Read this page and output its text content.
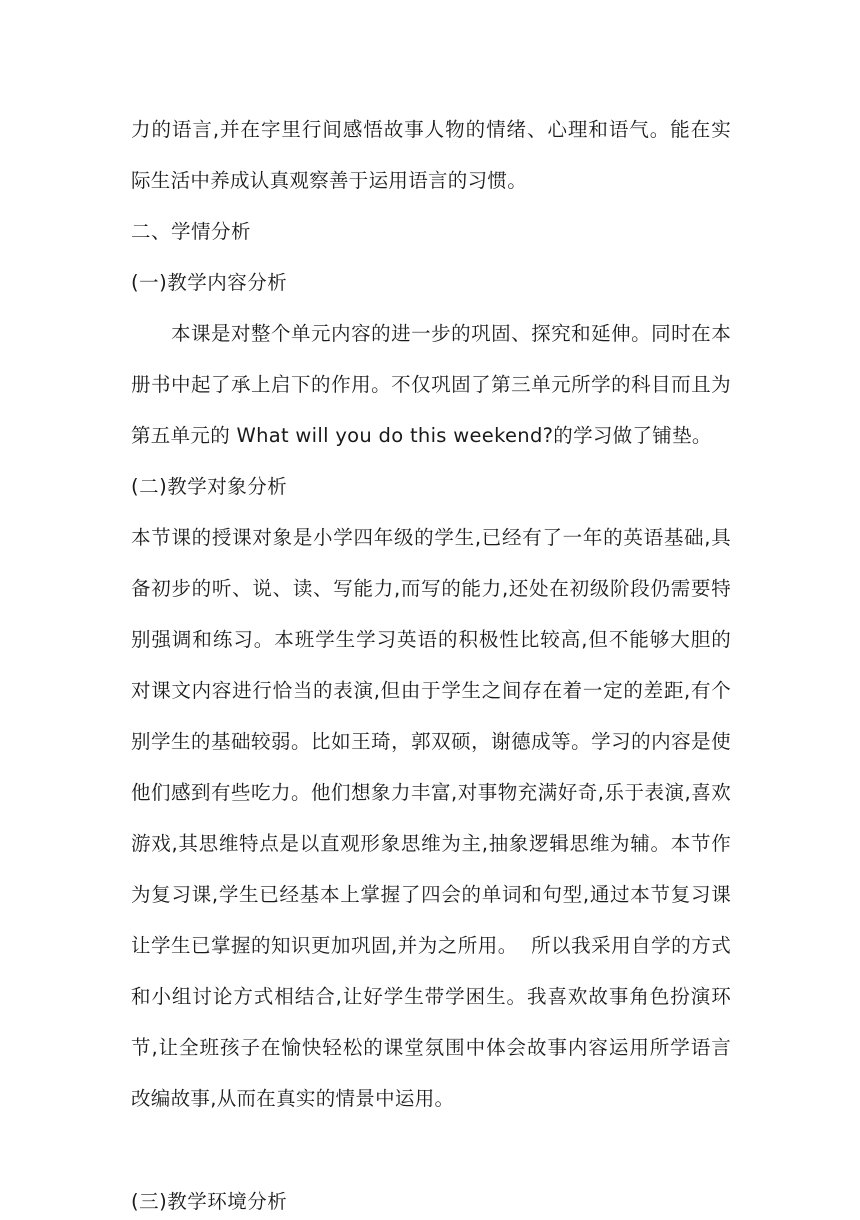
力的语言,并在字里行间感悟故事人物的情绪、心理和语气。能在实
际生活中养成认真观察善于运用语言的习惯。
二、学情分析
(一)教学内容分析
本课是对整个单元内容的进一步的巩固、探究和延伸。同时在本
册书中起了承上启下的作用。不仅巩固了第三单元所学的科目而且为
第五单元的 What will you do this weekend?的学习做了铺垫。
(二)教学对象分析
本节课的授课对象是小学四年级的学生,已经有了一年的英语基础,具
备初步的听、说、读、写能力,而写的能力,还处在初级阶段仍需要特
别强调和练习。本班学生学习英语的积极性比较高,但不能够大胆的
对课文内容进行恰当的表演,但由于学生之间存在着一定的差距,有个
别学生的基础较弱。比如王琦，郭双硕，谢德成等。学习的内容是使
他们感到有些吃力。他们想象力丰富,对事物充满好奇,乐于表演,喜欢
游戏,其思维特点是以直观形象思维为主,抽象逻辑思维为辅。本节作
为复习课,学生已经基本上掌握了四会的单词和句型,通过本节复习课
让学生已掌握的知识更加巩固,并为之所用。  所以我采用自学的方式
和小组讨论方式相结合,让好学生带学困生。我喜欢故事角色扮演环
节,让全班孩子在愉快轻松的课堂氛围中体会故事内容运用所学语言
改编故事,从而在真实的情景中运用。
(三)教学环境分析
